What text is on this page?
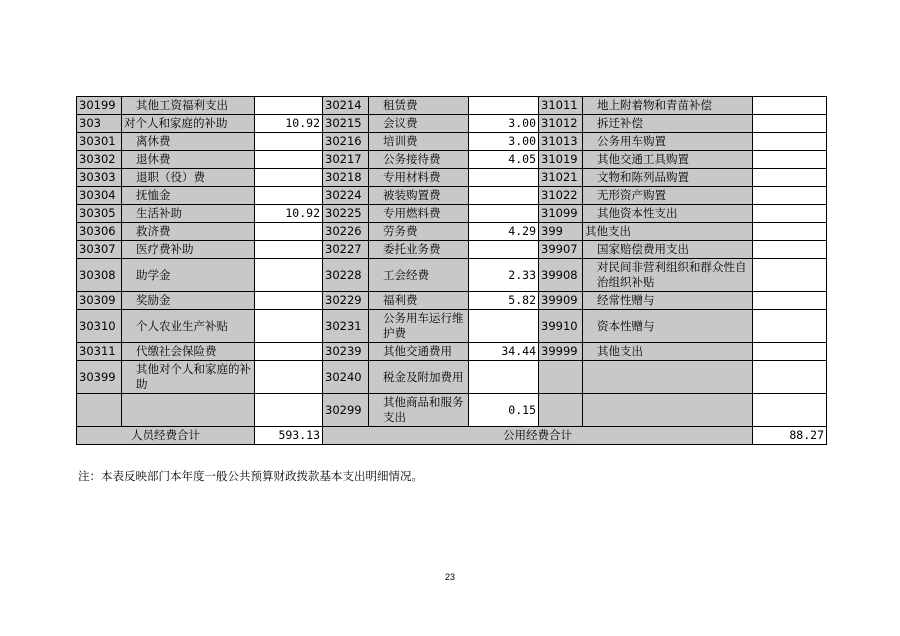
30199	其他工资福利支出		30214	租赁费		31011	地上附着物和青苗补偿	
303	对个人和家庭的补助	10.92	30215	会议费	3.00	31012	拆迁补偿	
30301	离休费		30216	培训费	3.00	31013	公务用车购置	
30302	退休费		30217	公务接待费	4.05	31019	其他交通工具购置	
30303	退职（役）费		30218	专用材料费		31021	文物和陈列品购置	
30304	抚恤金		30224	被装购置费		31022	无形资产购置	
30305	生活补助	10.92	30225	专用燃料费		31099	其他资本性支出	
30306	救济费		30226	劳务费	4.29	399	其他支出	
30307	医疗费补助		30227	委托业务费		39907	国家赔偿费用支出	
30308	助学金		30228	工会经费	2.33	39908	对民间非营利组织和群众性自治组织补贴	
30309	奖励金		30229	福利费	5.82	39909	经常性赠与	
30310	个人农业生产补贴		30231	公务用车运行维护费		39910	资本性赠与	
30311	代缴社会保险费		30239	其他交通费用	34.44	39999	其他支出	
30399	其他对个人和家庭的补助		30240	税金及附加费用				
			30299	其他商品和服务支出	0.15			
人员经费合计		593.13	公用经费合计					88.27
注：本表反映部门本年度一般公共预算财政拨款基本支出明细情况。
23
